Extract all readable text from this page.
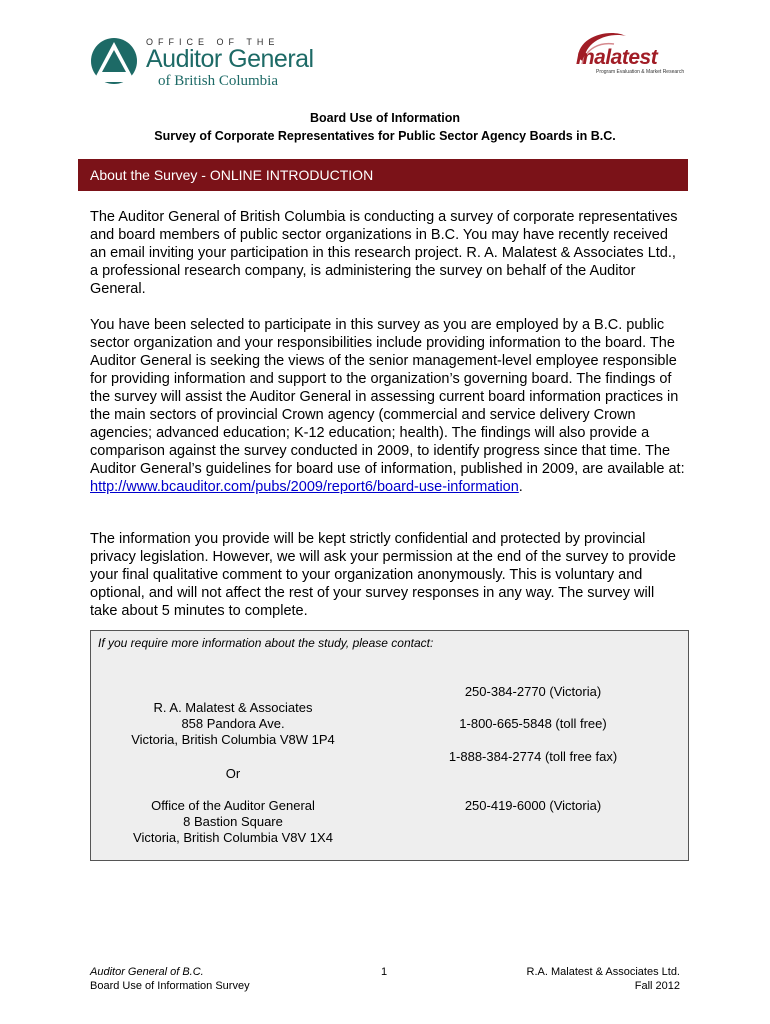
OFFICE OF THE
Auditor General
of British Columbia
malatest
Program Evaluation & Market Research
Board Use of Information
Survey of Corporate Representatives for Public Sector Agency Boards in B.C.
About the Survey - ONLINE INTRODUCTION
The Auditor General of British Columbia is conducting a survey of corporate representatives and board members of public sector organizations in B.C. You may have recently received an email inviting your participation in this research project. R. A. Malatest & Associates Ltd., a professional research company, is administering the survey on behalf of the Auditor General.
You have been selected to participate in this survey as you are employed by a B.C. public sector organization and your responsibilities include providing information to the board. The Auditor General is seeking the views of the senior management-level employee responsible for providing information and support to the organization’s governing board. The findings of the survey will assist the Auditor General in assessing current board information practices in the main sectors of provincial Crown agency (commercial and service delivery Crown agencies; advanced education; K-12 education; health). The findings will also provide a comparison against the survey conducted in 2009, to identify progress since that time. The Auditor General’s guidelines for board use of information, published in 2009, are available at: http://www.bcauditor.com/pubs/2009/report6/board-use-information.
The information you provide will be kept strictly confidential and protected by provincial privacy legislation. However, we will ask your permission at the end of the survey to provide your final qualitative comment to your organization anonymously. This is voluntary and optional, and will not affect the rest of your survey responses in any way. The survey will take about 5 minutes to complete.
If you require more information about the study, please contact:
R. A. Malatest & Associates
858 Pandora Ave.
Victoria, British Columbia V8W 1P4
Or
Office of the Auditor General
8 Bastion Square
Victoria, British Columbia V8V 1X4
250-384-2770 (Victoria)
1-800-665-5848 (toll free)
1-888-384-2774 (toll free fax)
250-419-6000 (Victoria)
Auditor General of B.C.
Board Use of Information Survey
1	R.A. Malatest & Associates Ltd.
Fall 2012
